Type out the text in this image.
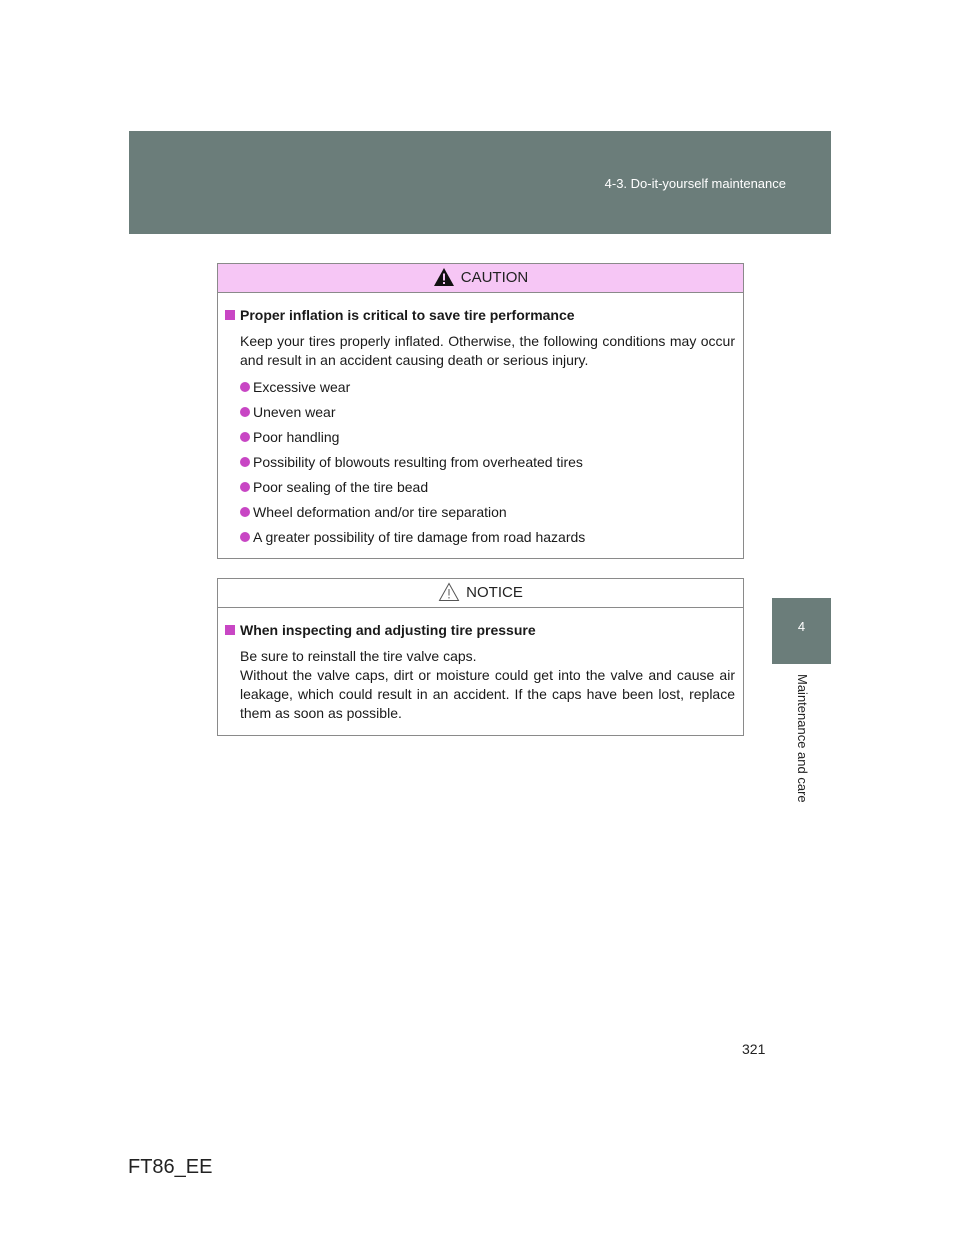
4-3. Do-it-yourself maintenance
4
Maintenance and care
CAUTION
Proper inflation is critical to save tire performance
Keep your tires properly inflated. Otherwise, the following conditions may occur and result in an accident causing death or serious injury.
Excessive wear
Uneven wear
Poor handling
Possibility of blowouts resulting from overheated tires
Poor sealing of the tire bead
Wheel deformation and/or tire separation
A greater possibility of tire damage from road hazards
NOTICE
When inspecting and adjusting tire pressure
Be sure to reinstall the tire valve caps.
Without the valve caps, dirt or moisture could get into the valve and cause air leakage, which could result in an accident. If the caps have been lost, replace them as soon as possible.
321
FT86_EE
